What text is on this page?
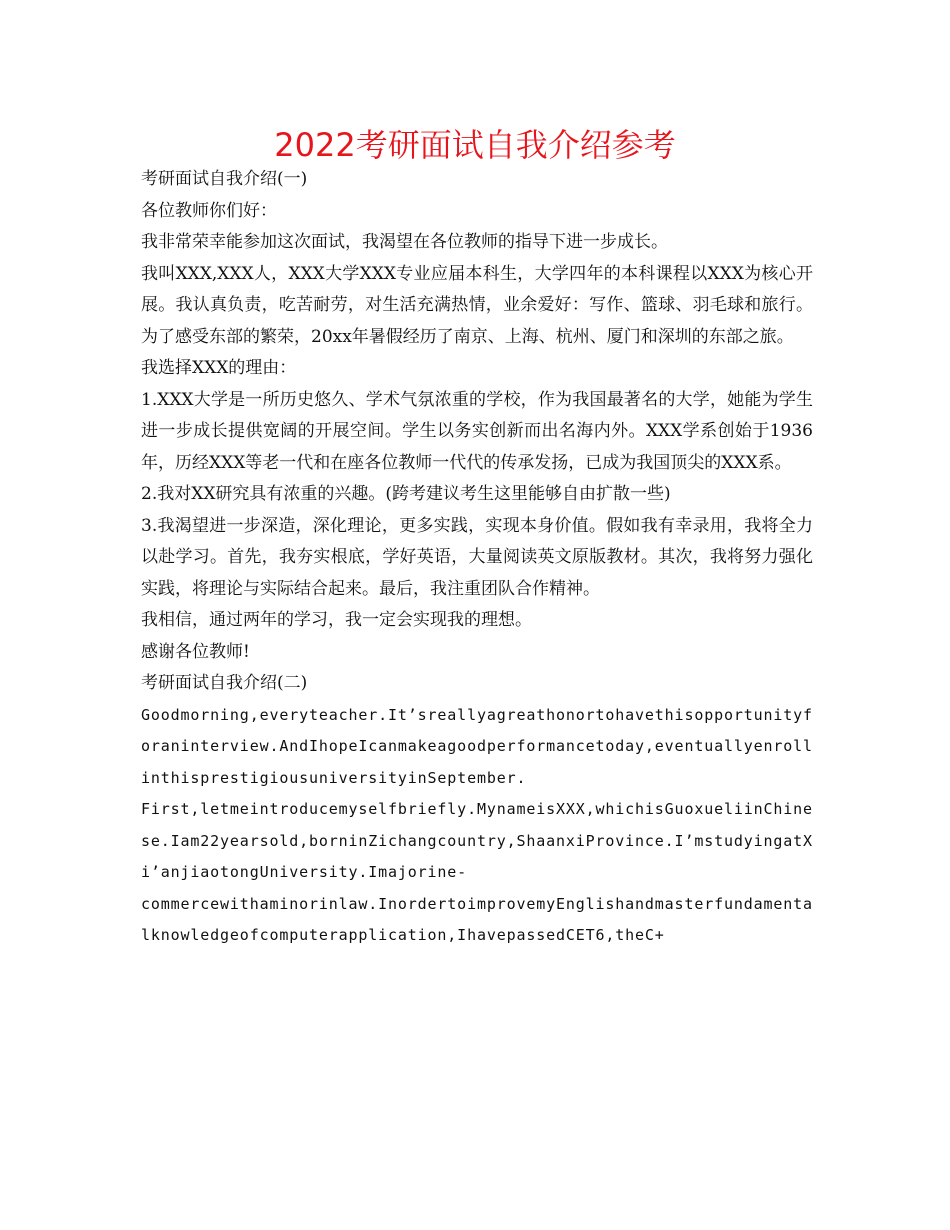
2022考研面试自我介绍参考

考研面试自我介绍(一)

各位教师你们好：

我非常荣幸能参加这次面试，我渴望在各位教师的指导下进一步成长。

我叫XXX,XXX人，XXX大学XXX专业应届本科生，大学四年的本科课程以XXX为核心开展。我认真负责，吃苦耐劳，对生活充满热情，业余爱好：写作、篮球、羽毛球和旅行。为了感受东部的繁荣，20xx年暑假经历了南京、上海、杭州、厦门和深圳的东部之旅。

我选择XXX的理由：

1.XXX大学是一所历史悠久、学术气氛浓重的学校，作为我国最著名的大学，她能为学生进一步成长提供宽阔的开展空间。学生以务实创新而出名海内外。XXX学系创始于1936年，历经XXX等老一代和在座各位教师一代代的传承发扬，已成为我国顶尖的XXX系。

2.我对XX研究具有浓重的兴趣。(跨考建议考生这里能够自由扩散一些)

3.我渴望进一步深造，深化理论，更多实践，实现本身价值。假如我有幸录用，我将全力以赴学习。首先，我夯实根底，学好英语，大量阅读英文原版教材。其次，我将努力强化实践，将理论与实际结合起来。最后，我注重团队合作精神。

我相信，通过两年的学习，我一定会实现我的理想。

感谢各位教师!

考研面试自我介绍(二)

Goodmorning,everyteacher.It’sreallyagreathonortohavethisopportunityforaninterview.AndIhopeIcanmakeagoodperformancetoday,eventuallyenrollinthisprestigiousuniversityinSeptember.

First,letmeintroducemyselfbriefly.MynameisXXX,whichisGuoxueliinChinese.Iam22yearsold,borninZichangcountry,ShaanxiProvince.I’mstudyingatXi’anjiaotongUniversity.Imajorine-

commercewithaminorinlaw.InordertoimprovemyEnglishandmasterfundamentalknowledgeofcomputerapplication,IhavepassedCET6,theC+
